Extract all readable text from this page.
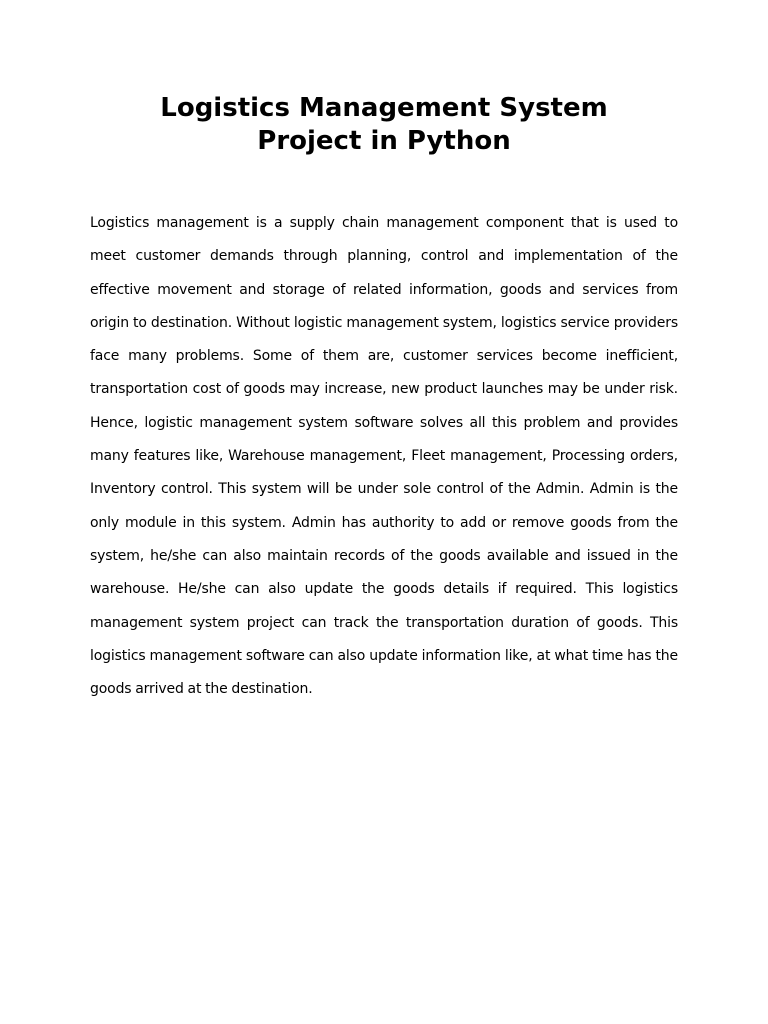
Logistics Management System
Project in Python

Logistics management is a supply chain management component that is used to meet customer demands through planning, control and implementation of the effective movement and storage of related information, goods and services from origin to destination. Without logistic management system, logistics service providers face many problems. Some of them are, customer services become inefficient, transportation cost of goods may increase, new product launches may be under risk. Hence, logistic management system software solves all this problem and provides many features like, Warehouse management, Fleet management, Processing orders, Inventory control. This system will be under sole control of the Admin. Admin is the only module in this system. Admin has authority to add or remove goods from the system, he/she can also maintain records of the goods available and issued in the warehouse. He/she can also update the goods details if required. This logistics management system project can track the transportation duration of goods. This logistics management software can also update information like, at what time has the goods arrived at the destination.
